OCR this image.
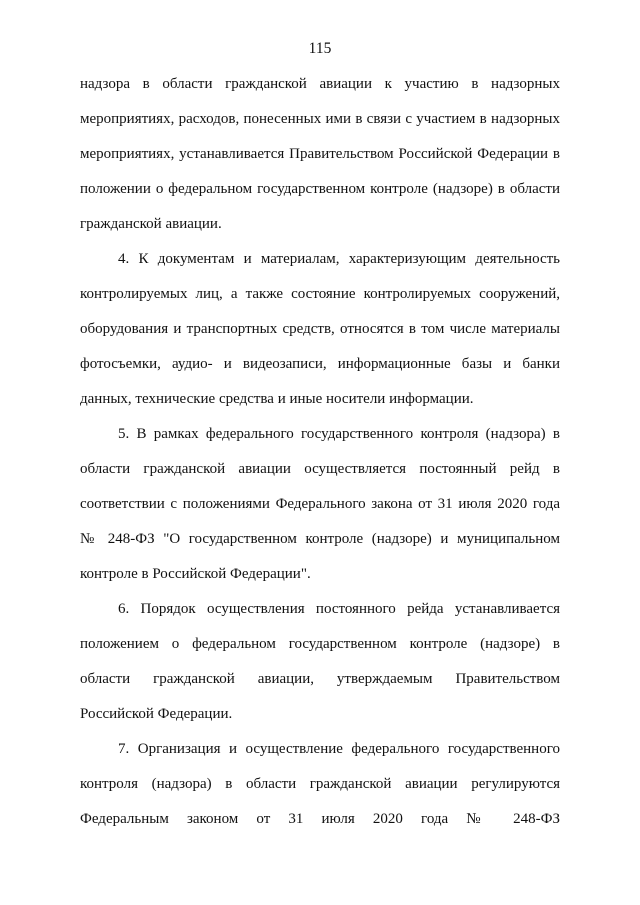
115
надзора в области гражданской авиации к участию в надзорных
мероприятиях, расходов, понесенных ими в связи с участием в надзорных
мероприятиях, устанавливается Правительством Российской Федерации в
положении о федеральном государственном контроле (надзоре) в области
гражданской авиации.
4. К документам и материалам, характеризующим деятельность
контролируемых лиц, а также состояние контролируемых сооружений,
оборудования и транспортных средств, относятся в том числе материалы
фотосъемки, аудио- и видеозаписи, информационные базы и банки
данных, технические средства и иные носители информации.
5. В рамках федерального государственного контроля (надзора) в
области гражданской авиации осуществляется постоянный рейд в
соответствии с положениями Федерального закона от 31 июля 2020 года
№ 248-ФЗ "О государственном контроле (надзоре) и муниципальном
контроле в Российской Федерации".
6. Порядок осуществления постоянного рейда устанавливается
положением о федеральном государственном контроле (надзоре) в
области гражданской авиации, утверждаемым Правительством
Российской Федерации.
7. Организация и осуществление федерального государственного
контроля (надзора) в области гражданской авиации регулируются
Федеральным законом от 31 июля 2020 года № 248-ФЗ
